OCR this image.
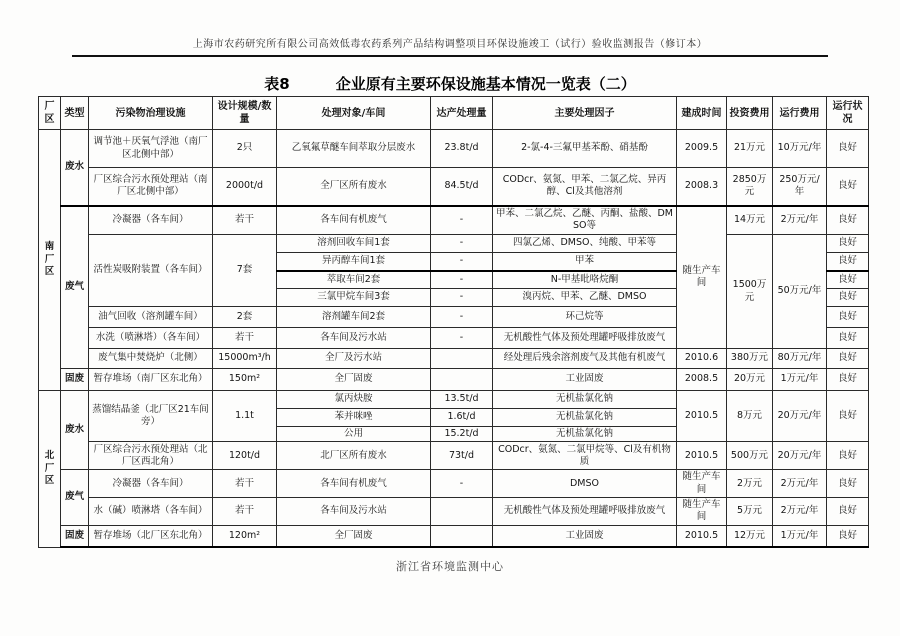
上海市农药研究所有限公司高效低毒农药系列产品结构调整项目环保设施竣工（试行）验收监测报告（修订本）
表8	企业原有主要环保设施基本情况一览表（二）
厂区	类型	污染物治理设施	设计规模/数量	处理对象/车间	达产处理量	主要处理因子	建成时间	投资费用	运行费用	运行状况
南厂区	废水	调节池＋厌氧气浮池（南厂区北侧中部）	2只	乙氧氟草醚车间萃取分层废水	23.8t/d	2-氯-4-三氟甲基苯酚、硝基酚	2009.5	21万元	10万元/年	良好
		厂区综合污水预处理站（南厂区北侧中部）	2000t/d	全厂区所有废水	84.5t/d	CODcr、氨氮、甲苯、二氯乙烷、异丙醇、Cl及其他溶剂	2008.3	2850万元	250万元/年	良好
	废气	冷凝器（各车间）	若干	各车间有机废气	-	甲苯、二氯乙烷、乙醚、丙酮、盐酸、DMSO等	随生产车间	14万元	2万元/年	良好
		活性炭吸附装置（各车间）	7套	溶剂回收车间1套	-	四氯乙烯、DMSO、纯酸、甲苯等		1500万元	50万元/年	良好
				异丙醇车间1套	-	甲苯				良好
				萃取车间2套	-	N-甲基吡咯烷酮				良好
				三氯甲烷车间3套	-	溴丙烷、甲苯、乙醚、DMSO				良好
		油气回收（溶剂罐车间）	2套	溶剂罐车间2套	-	环己烷等				良好
		水洗（喷淋塔）（各车间）	若干	各车间及污水站	-	无机酸性气体及预处理罐呼吸排放废气				良好
		废气集中焚烧炉（北侧）	15000m³/h	全厂及污水站		经处理后残余溶剂废气及其他有机废气	2010.6	380万元	80万元/年	良好
	固废	暂存堆场（南厂区东北角）	150m²	全厂固废		工业固废	2008.5	20万元	1万元/年	良好
北厂区	废水	蒸馏结晶釜（北厂区21车间旁）	1.1t	氯丙炔胺	13.5t/d	无机盐氯化钠	2010.5	8万元	20万元/年	良好
				苯并咪唑	1.6t/d	无机盐氯化钠				
				公用	15.2t/d	无机盐氯化钠				
		厂区综合污水预处理站（北厂区西北角）	120t/d	北厂区所有废水	73t/d	CODcr、氨氮、二氯甲烷等、Cl及有机物质	2010.5	500万元	20万元/年	良好
	废气	冷凝器（各车间）	若干	各车间有机废气	-	DMSO	随生产车间	2万元	2万元/年	良好
		水（碱）喷淋塔（各车间）	若干	各车间及污水站		无机酸性气体及预处理罐呼吸排放废气	随生产车间	5万元	2万元/年	良好
	固废	暂存堆场（北厂区东北角）	120m²	全厂固废		工业固废	2010.5	12万元	1万元/年	良好
浙江省环境监测中心
